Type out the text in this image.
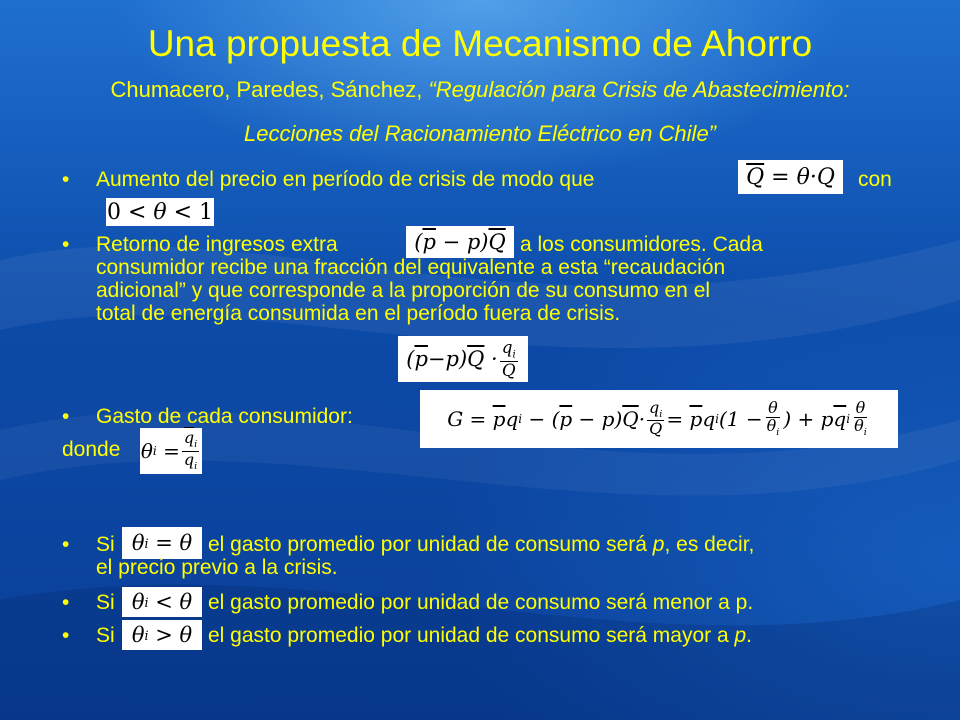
Una propuesta de Mecanismo de Ahorro
Chumacero, Paredes, Sánchez, “Regulación para Crisis de Abastecimiento: Lecciones del Racionamiento Eléctrico en Chile”
• Aumento del precio en período de crisis de modo que	$\overline{Q} = \theta\cdot Q$	con
0 < θ < 1
• Retorno de ingresos extra	( $\overline{p} - p$) $\overline{Q}$ a los consumidores. Cada
consumidor recibe una fracción del equivalente a esta “recaudación
adicional” y que corresponde a la proporción de su consumo en el
total de energía consumida en el período fuera de crisis.
( $\overline{p} -p$) $\overline{Q} \cdot \frac{q_i}{Q}$
• Gasto de cada consumidor:	$G = \overline{p}$ q i − ( $\overline{p} - p$) $\overline{Q} \cdot \frac{q_i}{Q} = \overline{p}$ q i ($1 - \frac{\theta}{\theta_i}$ ) + p $\overline{q}$ i $\frac{\theta}{\theta_i}$
donde θ $i = \frac{\overline{q}_i}{q_i}$
• Si θ i = θ el gasto promedio por unidad de consumo será p, es decir,
el precio previo a la crisis.
• Si θ i < θ el gasto promedio por unidad de consumo será menor a p.
• Si θ i > θ el gasto promedio por unidad de consumo será mayor a p.
